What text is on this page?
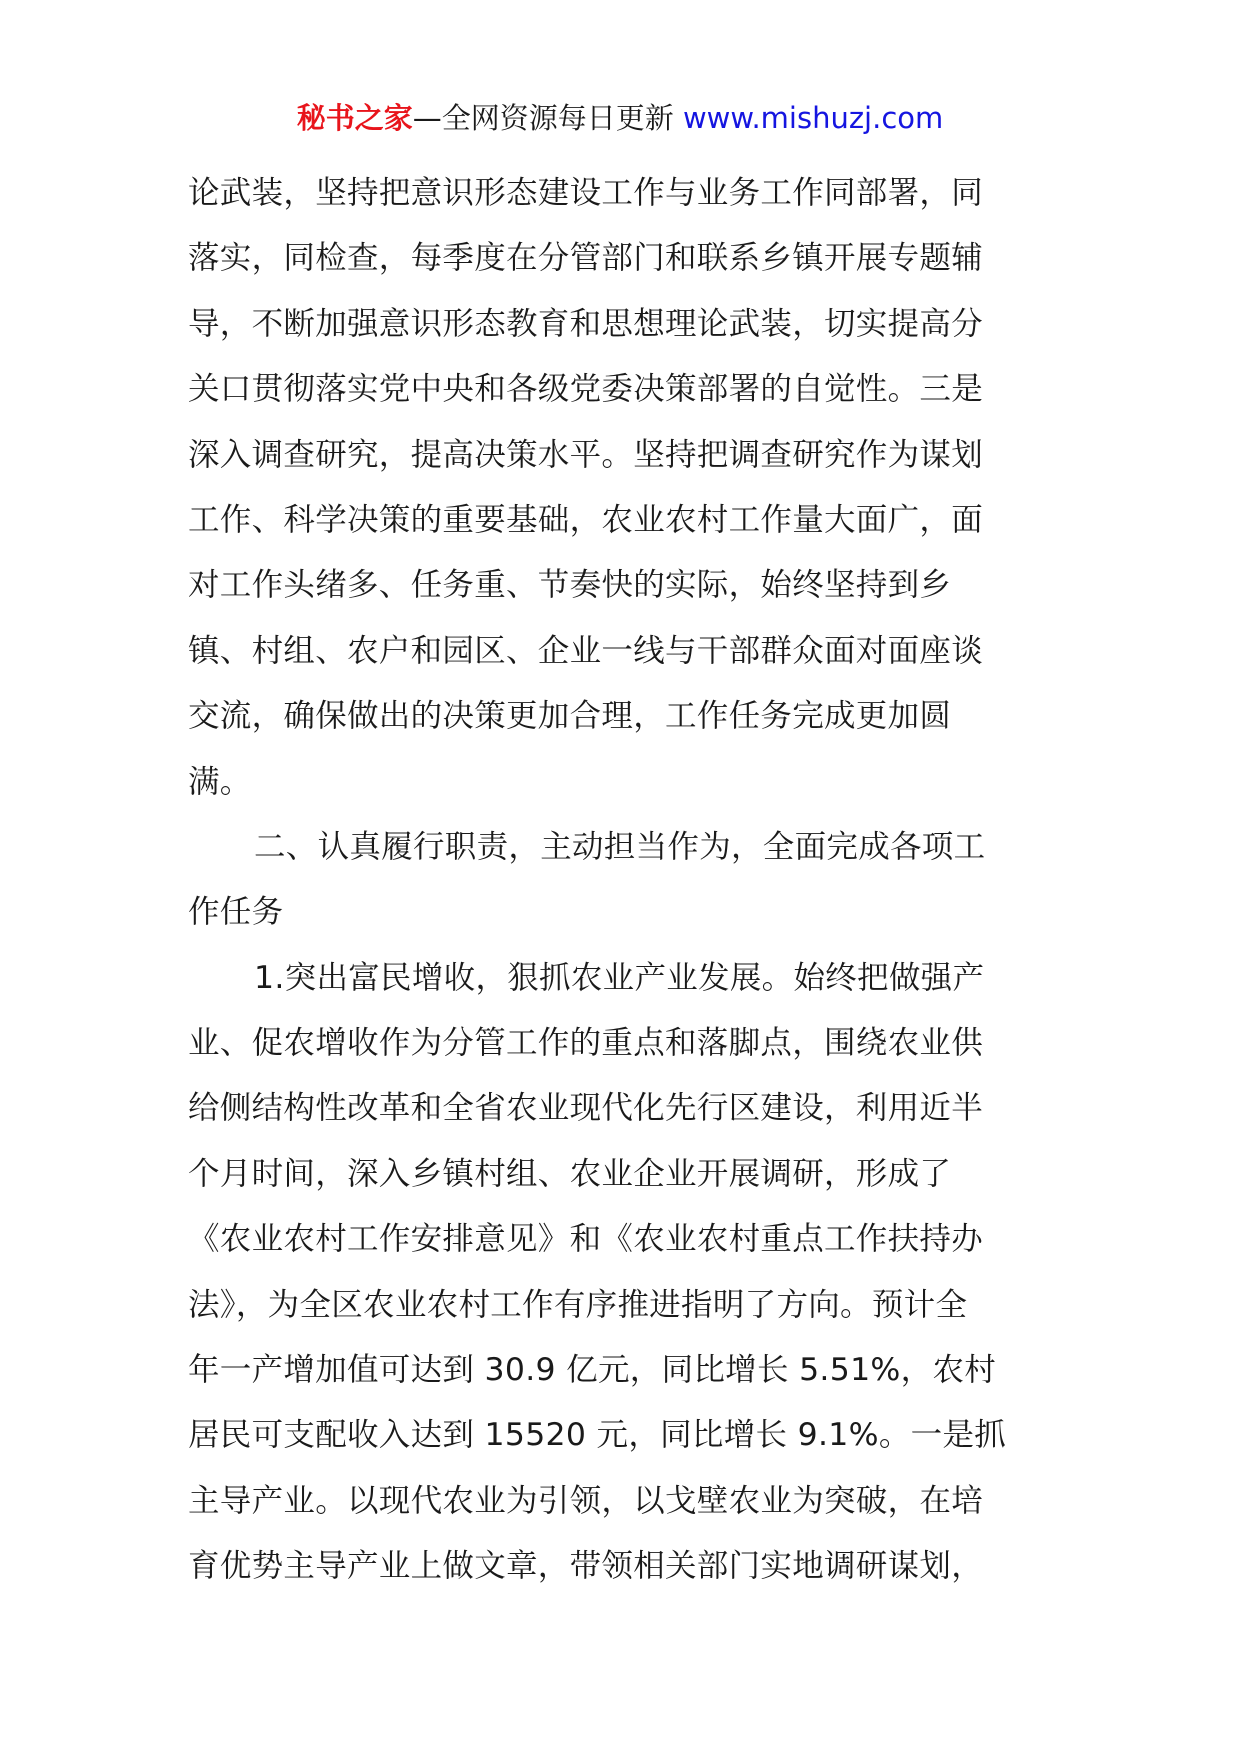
秘书之家—全网资源每日更新 www.mishuzj.com
论武装，坚持把意识形态建设工作与业务工作同部署，同
落实，同检查，每季度在分管部门和联系乡镇开展专题辅
导，不断加强意识形态教育和思想理论武装，切实提高分
关口贯彻落实党中央和各级党委决策部署的自觉性。三是
深入调查研究，提高决策水平。坚持把调查研究作为谋划
工作、科学决策的重要基础，农业农村工作量大面广，面
对工作头绪多、任务重、节奏快的实际，始终坚持到乡
镇、村组、农户和园区、企业一线与干部群众面对面座谈
交流，确保做出的决策更加合理，工作任务完成更加圆
满。
二、认真履行职责，主动担当作为，全面完成各项工
作任务
1.突出富民增收，狠抓农业产业发展。始终把做强产
业、促农增收作为分管工作的重点和落脚点，围绕农业供
给侧结构性改革和全省农业现代化先行区建设，利用近半
个月时间，深入乡镇村组、农业企业开展调研，形成了
《农业农村工作安排意见》和《农业农村重点工作扶持办
法》，为全区农业农村工作有序推进指明了方向。预计全
年一产增加值可达到 30.9 亿元，同比增长 5.51%，农村
居民可支配收入达到 15520 元，同比增长 9.1%。一是抓
主导产业。以现代农业为引领，以戈壁农业为突破，在培
育优势主导产业上做文章，带领相关部门实地调研谋划，
